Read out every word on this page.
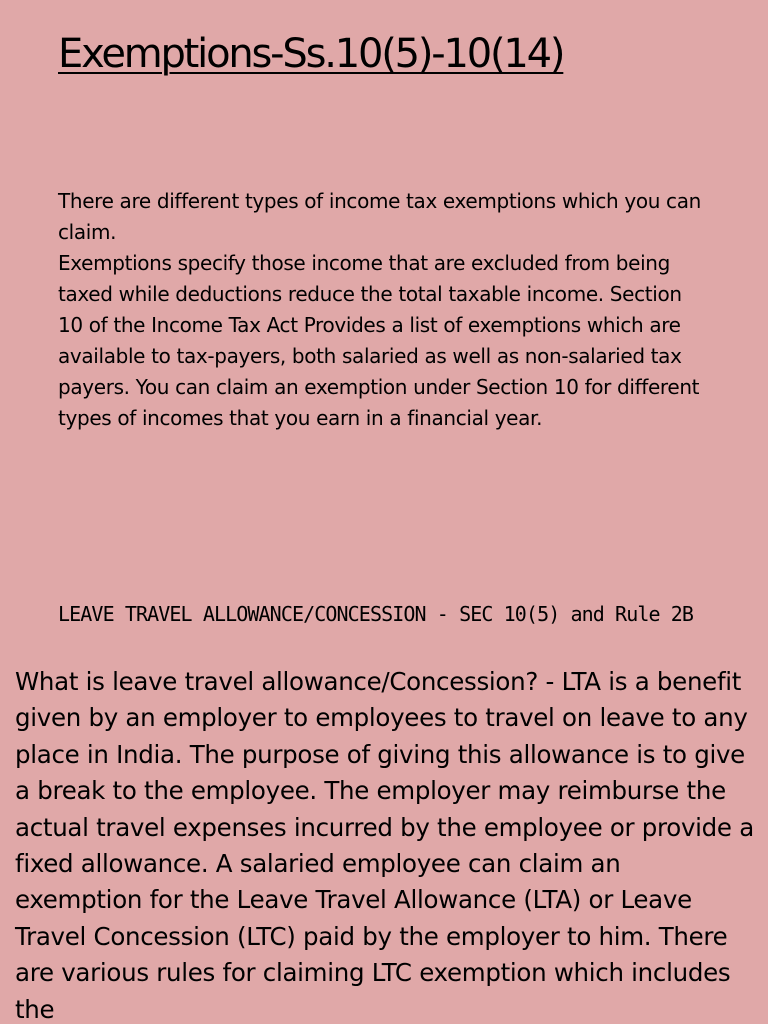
Exemptions-Ss.10(5)-10(14)

There are different types of income tax exemptions which you can claim.

Exemptions specify those income that are excluded from being taxed while deductions reduce the total taxable income. Section 10 of the Income Tax Act Provides a list of exemptions which are available to tax-payers, both salaried as well as non-salaried tax payers. You can claim an exemption under Section 10 for different types of incomes that you earn in a financial year.

LEAVE TRAVEL ALLOWANCE/CONCESSION - SEC 10(5) and Rule 2B

What is leave travel allowance/Concession? - LTA is a benefit given by an employer to employees to travel on leave to any place in India. The purpose of giving this allowance is to give a break to the employee. The employer may reimburse the actual travel expenses incurred by the employee or provide a fixed allowance. A salaried employee can claim an exemption for the Leave Travel Allowance (LTA) or Leave Travel Concession (LTC) paid by the employer to him. There are various rules for claiming LTC exemption which includes the
